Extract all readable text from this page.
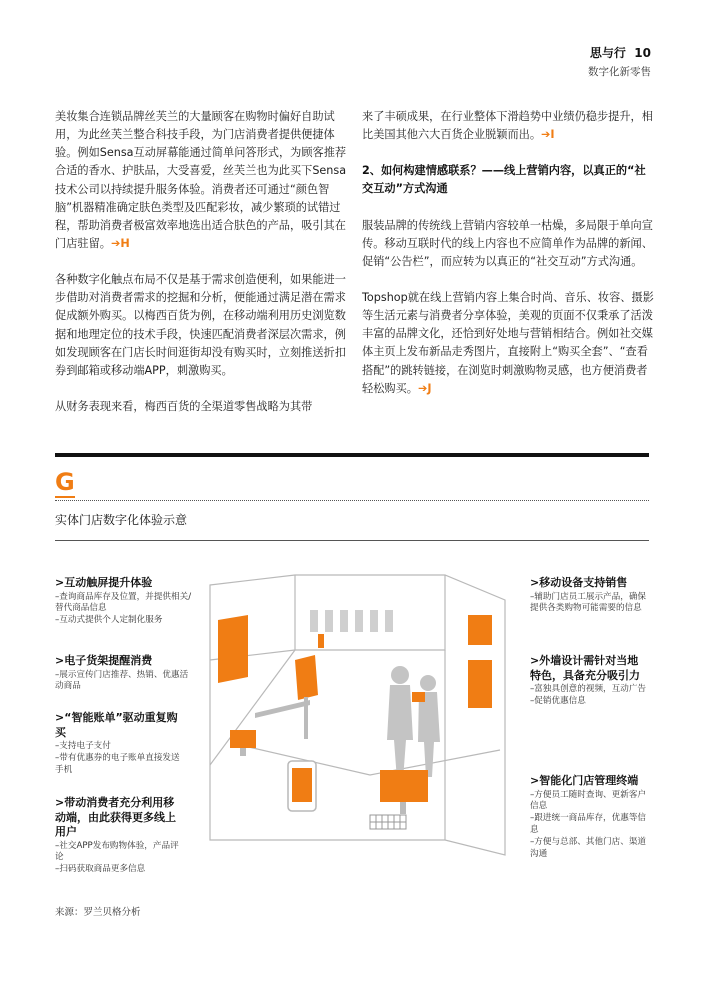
思与行 10
数字化新零售

美妆集合连锁品牌丝芙兰的大量顾客在购物时偏好自助试用，为此丝芙兰整合科技手段，为门店消费者提供便捷体验。例如Sensa互动屏幕能通过简单问答形式，为顾客推荐合适的香水、护肤品，大受喜爱，丝芙兰也为此买下Sensa技术公司以持续提升服务体验。消费者还可通过“颜色智脑”机器精准确定肤色类型及匹配彩妆，减少繁琐的试错过程，帮助消费者极富效率地选出适合肤色的产品，吸引其在门店驻留。➔H

各种数字化触点布局不仅是基于需求创造便利，如果能进一步借助对消费者需求的挖掘和分析，便能通过满足潜在需求促成额外购买。以梅西百货为例，在移动端利用历史浏览数据和地理定位的技术手段，快速匹配消费者深层次需求，例如发现顾客在门店长时间逛街却没有购买时，立刻推送折扣券到邮箱或移动端APP，刺激购买。

从财务表现来看，梅西百货的全渠道零售战略为其带

来了丰硕成果，在行业整体下滑趋势中业绩仍稳步提升，相比美国其他六大百货企业脱颖而出。➔I

2、如何构建情感联系？——线上营销内容，以真正的“社交互动”方式沟通

服装品牌的传统线上营销内容较单一枯燥，多局限于单向宣传。移动互联时代的线上内容也不应简单作为品牌的新闻、促销“公告栏”，而应转为以真正的“社交互动”方式沟通。

Topshop就在线上营销内容上集合时尚、音乐、妆容、摄影等生活元素与消费者分享体验，美观的页面不仅秉承了活泼丰富的品牌文化，还恰到好处地与营销相结合。例如社交媒体主页上发布新品走秀图片，直接附上“购买全套”、“查看搭配”的跳转链接，在浏览时刺激购物灵感，也方便消费者轻松购买。➔J

G
实体门店数字化体验示意
>互动触屏提升体验
–查询商品库存及位置，并提供相关/替代商品信息
–互动式提供个人定制化服务
>电子货架提醒消费
–展示宣传门店推荐、热销、优惠活动商品
>“智能账单”驱动重复购买
–支持电子支付
–带有优惠券的电子账单直接发送手机
>带动消费者充分利用移动端，由此获得更多线上用户
–社交APP发布购物体验，产品评论
–扫码获取商品更多信息
>移动设备支持销售
–辅助门店员工展示产品，确保提供各类购物可能需要的信息
>外墙设计需针对当地特色，具备充分吸引力
–富独具创意的视频，互动广告
–促销优惠信息
>智能化门店管理终端
–方便员工随时查询、更新客户信息
–跟进统一商品库存，优惠等信息
–方便与总部、其他门店、渠道沟通
来源：罗兰贝格分析
